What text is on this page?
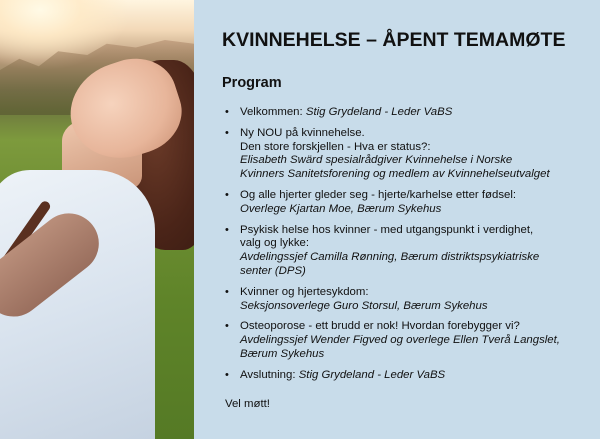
KVINNEHELSE – ÅPENT TEMAMØTE
Program
• Velkommen: Stig Grydeland - Leder VaBS
• Ny NOU på kvinnehelse.
Den store forskjellen - Hva er status?:
Elisabeth Swärd spesialrådgiver Kvinnehelse i Norske
Kvinners Sanitetsforening og medlem av Kvinnehelseutvalget
• Og alle hjerter gleder seg - hjerte/karhelse etter fødsel:
Overlege Kjartan Moe, Bærum Sykehus
• Psykisk helse hos kvinner - med utgangspunkt i verdighet,
valg og lykke:
Avdelingssjef Camilla Rønning, Bærum distriktspsykiatriske
senter (DPS)
• Kvinner og hjertesykdom:
Seksjonsoverlege Guro Storsul, Bærum Sykehus
• Osteoporose - ett brudd er nok! Hvordan forebygger vi?
Avdelingssjef Wender Figved og overlege Ellen Tverå Langslet,
Bærum Sykehus
• Avslutning: Stig Grydeland - Leder VaBS
Vel møtt!
